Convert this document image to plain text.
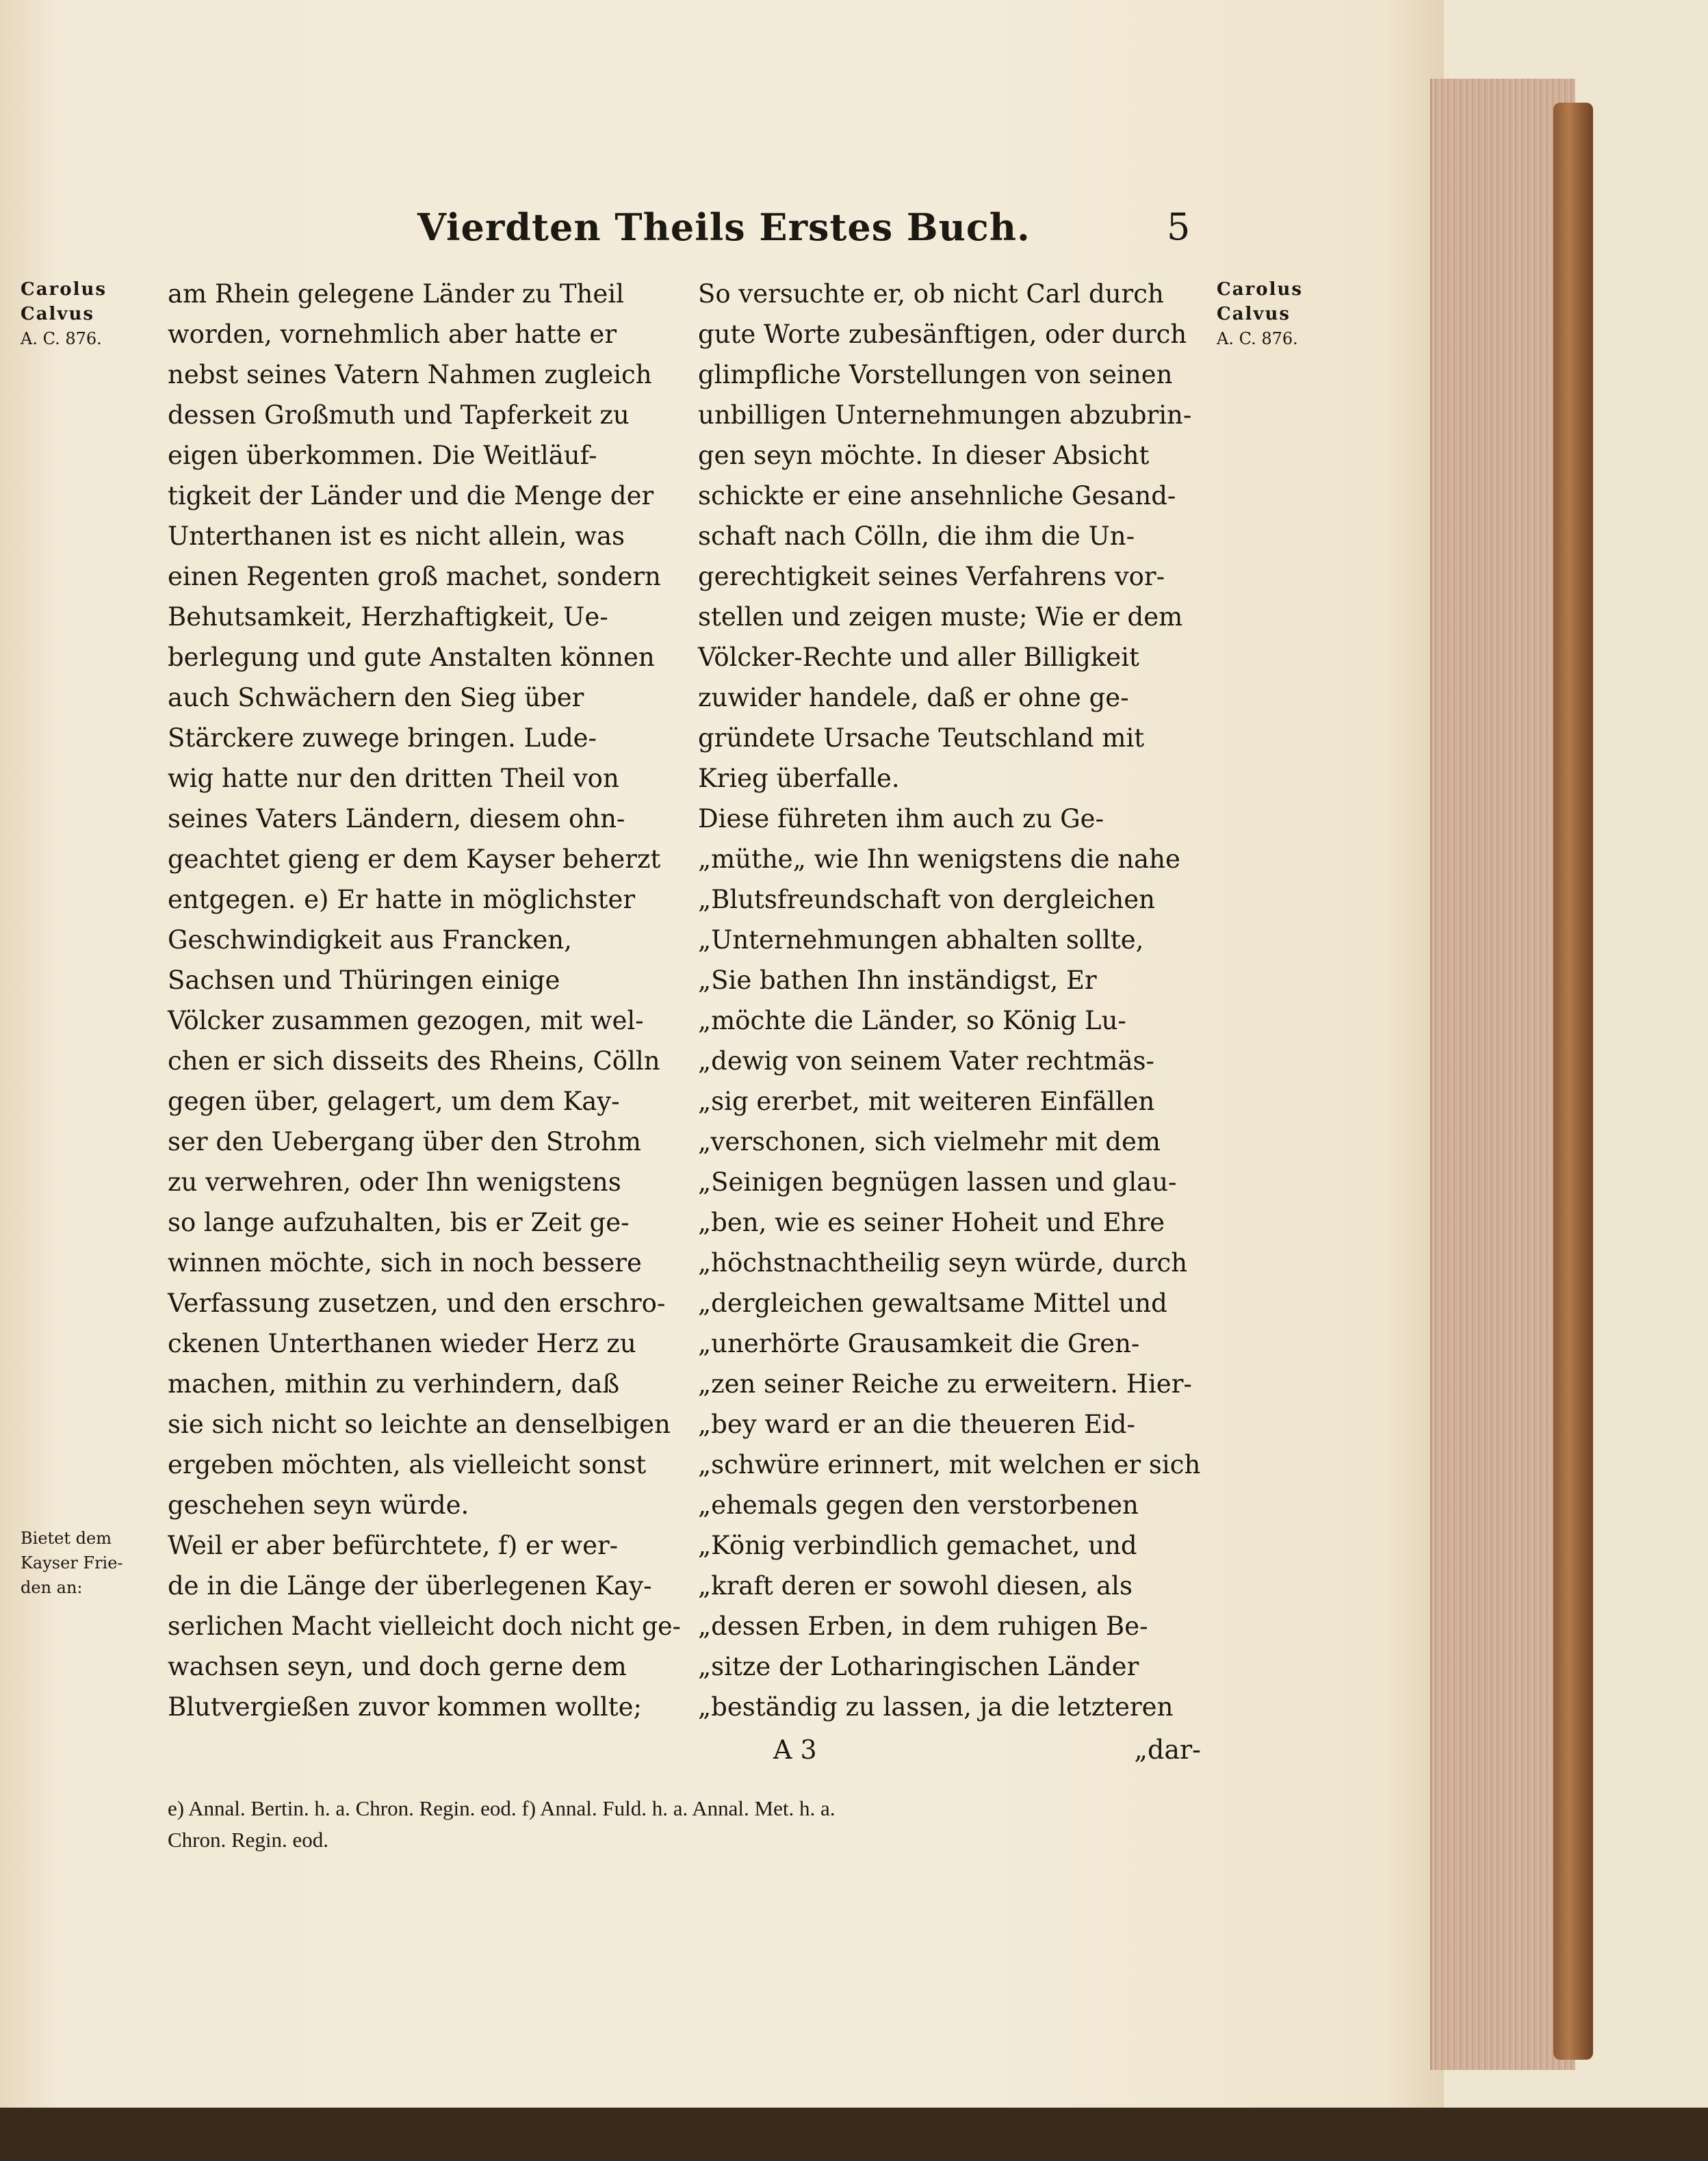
Vierdten Theils Erstes Buch.	5
Carolus
Calvus
A. C. 876.
Carolus
Calvus
A. C. 876.
Bietet dem
Kayser Frie-
den an:
am Rhein gelegene Länder zu Theil
worden, vornehmlich aber hatte er
nebst seines Vatern Nahmen zugleich
dessen Großmuth und Tapferkeit zu
eigen überkommen. Die Weitläuf-
tigkeit der Länder und die Menge der
Unterthanen ist es nicht allein, was
einen Regenten groß machet, sondern
Behutsamkeit, Herzhaftigkeit, Ue-
berlegung und gute Anstalten können
auch Schwächern den Sieg über
Stärckere zuwege bringen. Lude-
wig hatte nur den dritten Theil von
seines Vaters Ländern, diesem ohn-
geachtet gieng er dem Kayser beherzt
entgegen. e) Er hatte in möglichster
Geschwindigkeit aus Francken,
Sachsen und Thüringen einige
Völcker zusammen gezogen, mit wel-
chen er sich disseits des Rheins, Cölln
gegen über, gelagert, um dem Kay-
ser den Uebergang über den Strohm
zu verwehren, oder Ihn wenigstens
so lange aufzuhalten, bis er Zeit ge-
winnen möchte, sich in noch bessere
Verfassung zusetzen, und den erschro-
ckenen Unterthanen wieder Herz zu
machen, mithin zu verhindern, daß
sie sich nicht so leichte an denselbigen
ergeben möchten, als vielleicht sonst
geschehen seyn würde.
Weil er aber befürchtete, f) er wer-
de in die Länge der überlegenen Kay-
serlichen Macht vielleicht doch nicht ge-
wachsen seyn, und doch gerne dem
Blutvergießen zuvor kommen wollte;
So versuchte er, ob nicht Carl durch
gute Worte zubesänftigen, oder durch
glimpfliche Vorstellungen von seinen
unbilligen Unternehmungen abzubrin-
gen seyn möchte. In dieser Absicht
schickte er eine ansehnliche Gesand-
schaft nach Cölln, die ihm die Un-
gerechtigkeit seines Verfahrens vor-
stellen und zeigen muste; Wie er dem
Völcker-Rechte und aller Billigkeit
zuwider handele, daß er ohne ge-
gründete Ursache Teutschland mit
Krieg überfalle.
Diese führeten ihm auch zu Ge-
„müthe„ wie Ihn wenigstens die nahe
„Blutsfreundschaft von dergleichen
„Unternehmungen abhalten sollte,
„Sie bathen Ihn inständigst, Er
„möchte die Länder, so König Lu-
„dewig von seinem Vater rechtmäs-
„sig ererbet, mit weiteren Einfällen
„verschonen, sich vielmehr mit dem
„Seinigen begnügen lassen und glau-
„ben, wie es seiner Hoheit und Ehre
„höchstnachtheilig seyn würde, durch
„dergleichen gewaltsame Mittel und
„unerhörte Grausamkeit die Gren-
„zen seiner Reiche zu erweitern. Hier-
„bey ward er an die theueren Eid-
„schwüre erinnert, mit welchen er sich
„ehemals gegen den verstorbenen
„König verbindlich gemachet, und
„kraft deren er sowohl diesen, als
„dessen Erben, in dem ruhigen Be-
„sitze der Lotharingischen Länder
„beständig zu lassen, ja die letzteren
A 3	„dar-
e) Annal. Bertin. h. a. Chron. Regin. eod. f) Annal. Fuld. h. a. Annal. Met. h. a.
Chron. Regin. eod.
